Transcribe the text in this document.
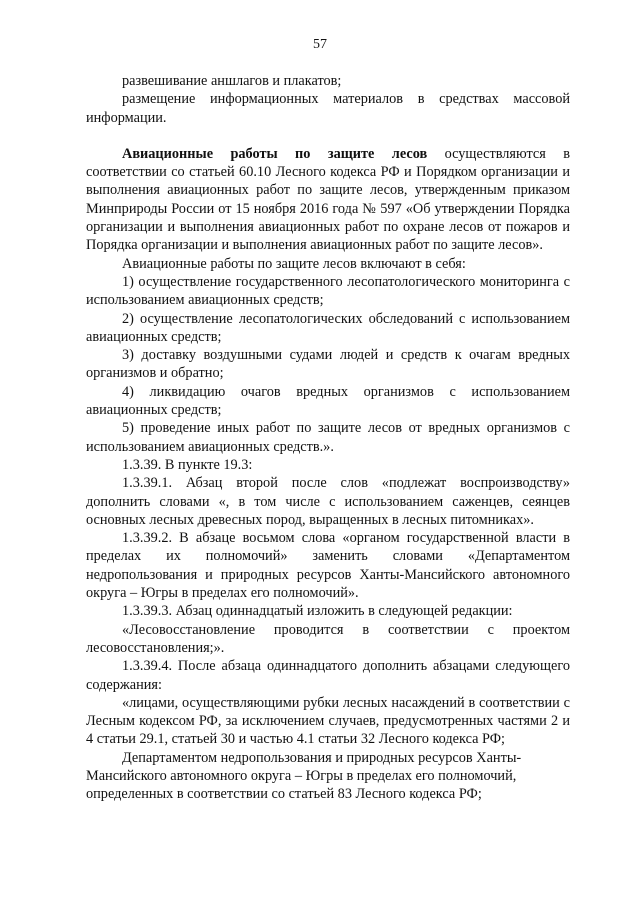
57

развешивание аншлагов и плакатов;

размещение информационных материалов в средствах массовой информации.

Авиационные работы по защите лесов осуществляются в соответствии со статьей 60.10 Лесного кодекса РФ и Порядком организации и выполнения авиационных работ по защите лесов, утвержденным приказом Минприроды России от 15 ноября 2016 года № 597 «Об утверждении Порядка организации и выполнения авиационных работ по охране лесов от пожаров и Порядка организации и выполнения авиационных работ по защите лесов».

Авиационные работы по защите лесов включают в себя:

1) осуществление государственного лесопатологического мониторинга с использованием авиационных средств;

2) осуществление лесопатологических обследований с использованием авиационных средств;

3) доставку воздушными судами людей и средств к очагам вредных организмов и обратно;

4) ликвидацию очагов вредных организмов с использованием авиационных средств;

5) проведение иных работ по защите лесов от вредных организмов с использованием авиационных средств.».

1.3.39. В пункте 19.3:

1.3.39.1. Абзац второй после слов «подлежат воспроизводству» дополнить словами «, в том числе с использованием саженцев, сеянцев основных лесных древесных пород, выращенных в лесных питомниках».

1.3.39.2. В абзаце восьмом слова «органом государственной власти в пределах их полномочий» заменить словами «Департаментом недропользования и природных ресурсов Ханты-Мансийского автономного округа – Югры в пределах его полномочий».

1.3.39.3. Абзац одиннадцатый изложить в следующей редакции:

«Лесовосстановление проводится в соответствии с проектом лесовосстановления;».

1.3.39.4. После абзаца одиннадцатого дополнить абзацами следующего содержания:

«лицами, осуществляющими рубки лесных насаждений в соответствии с Лесным кодексом РФ, за исключением случаев, предусмотренных частями 2 и 4 статьи 29.1, статьей 30 и частью 4.1 статьи 32 Лесного кодекса РФ;

Департаментом недропользования и природных ресурсов Ханты-Мансийского автономного округа – Югры в пределах его полномочий, определенных в соответствии со статьей 83 Лесного кодекса РФ;
